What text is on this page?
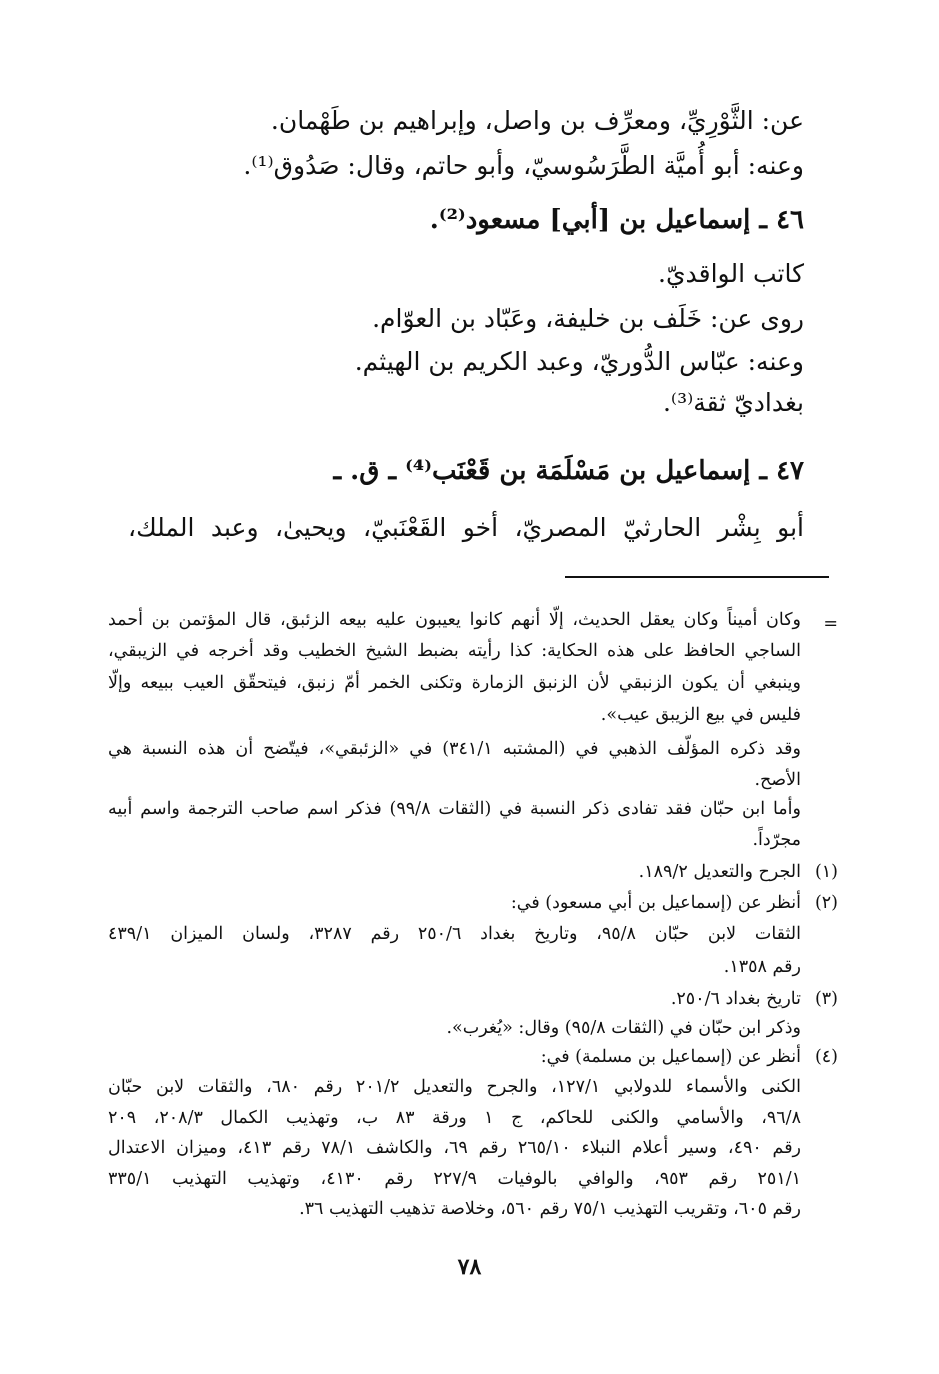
عن: الثَّوْرِيِّ، ومعرِّف بن واصل، وإبراهيم بن طَهْمان.
وعنه: أبو أُميَّة الطَّرَسُوسيّ، وأبو حاتم، وقال: صَدُوق⁽¹⁾.
٤٦ ـ إسماعيل بن [أبي] مسعود⁽²⁾.
كاتب الواقديّ.
روى عن: خَلَف بن خليفة، وعَبّاد بن العوّام.
وعنه: عبّاس الدُّوريّ، وعبد الكريم بن الهيثم.
بغداديّ ثقة⁽³⁾.
٤٧ ـ إسماعيل بن مَسْلَمَة بن قَعْنَب⁽⁴⁾ ـ ق. ـ
أبو بِشْر الحارثيّ المصريّ، أخو القَعْنَبيّ، ويحيىٰ، وعبد الملك،
=
وكان أميناً وكان يعقل الحديث، إلّا أنهم كانوا يعيبون عليه بيعه الزئبق، قال المؤتمن بن أحمد
الساجي الحافظ على هذه الحكاية: كذا رأيته بضبط الشيخ الخطيب وقد أخرجه في الزيبقي،
وينبغي أن يكون الزنبقي لأن الزنبق الزمارة وتكنى الخمر أمّ زنبق، فيتحقّق العيب ببيعه وإلّا
فليس في بيع الزيبق عيب».
وقد ذكره المؤلّف الذهبي في (المشتبه ٣٤١/١) في «الزئبقي»، فيتّضح أن هذه النسبة هي
الأصح.
وأما ابن حبّان فقد تفادى ذكر النسبة في (الثقات ٩٩/٨) فذكر اسم صاحب الترجمة واسم أبيه
مجرّداً.
(١)
الجرح والتعديل ١٨٩/٢.
(٢)
أنظر عن (إسماعيل بن أبي مسعود) في:
الثقات لابن حبّان ٩٥/٨، وتاريخ بغداد ٢٥٠/٦ رقم ٣٢٨٧، ولسان الميزان ٤٣٩/١
رقم ١٣٥٨.
(٣)
تاريخ بغداد ٢٥٠/٦.
وذكر ابن حبّان في (الثقات ٩٥/٨) وقال: «يُغرب».
(٤)
أنظر عن (إسماعيل بن مسلمة) في:
الكنى والأسماء للدولابي ١٢٧/١، والجرح والتعديل ٢٠١/٢ رقم ٦٨٠، والثقات لابن حبّان
٩٦/٨، والأسامي والكنى للحاكم، ج ١ ورقة ٨٣ ب، وتهذيب الكمال ٢٠٨/٣، ٢٠٩
رقم ٤٩٠، وسير أعلام النبلاء ٢٦٥/١٠ رقم ٦٩، والكاشف ٧٨/١ رقم ٤١٣، وميزان الاعتدال
٢٥١/١ رقم ٩٥٣، والوافي بالوفيات ٢٢٧/٩ رقم ٤١٣٠، وتهذيب التهذيب ٣٣٥/١
رقم ٦٠٥، وتقريب التهذيب ٧٥/١ رقم ٥٦٠، وخلاصة تذهيب التهذيب ٣٦.
٧٨
